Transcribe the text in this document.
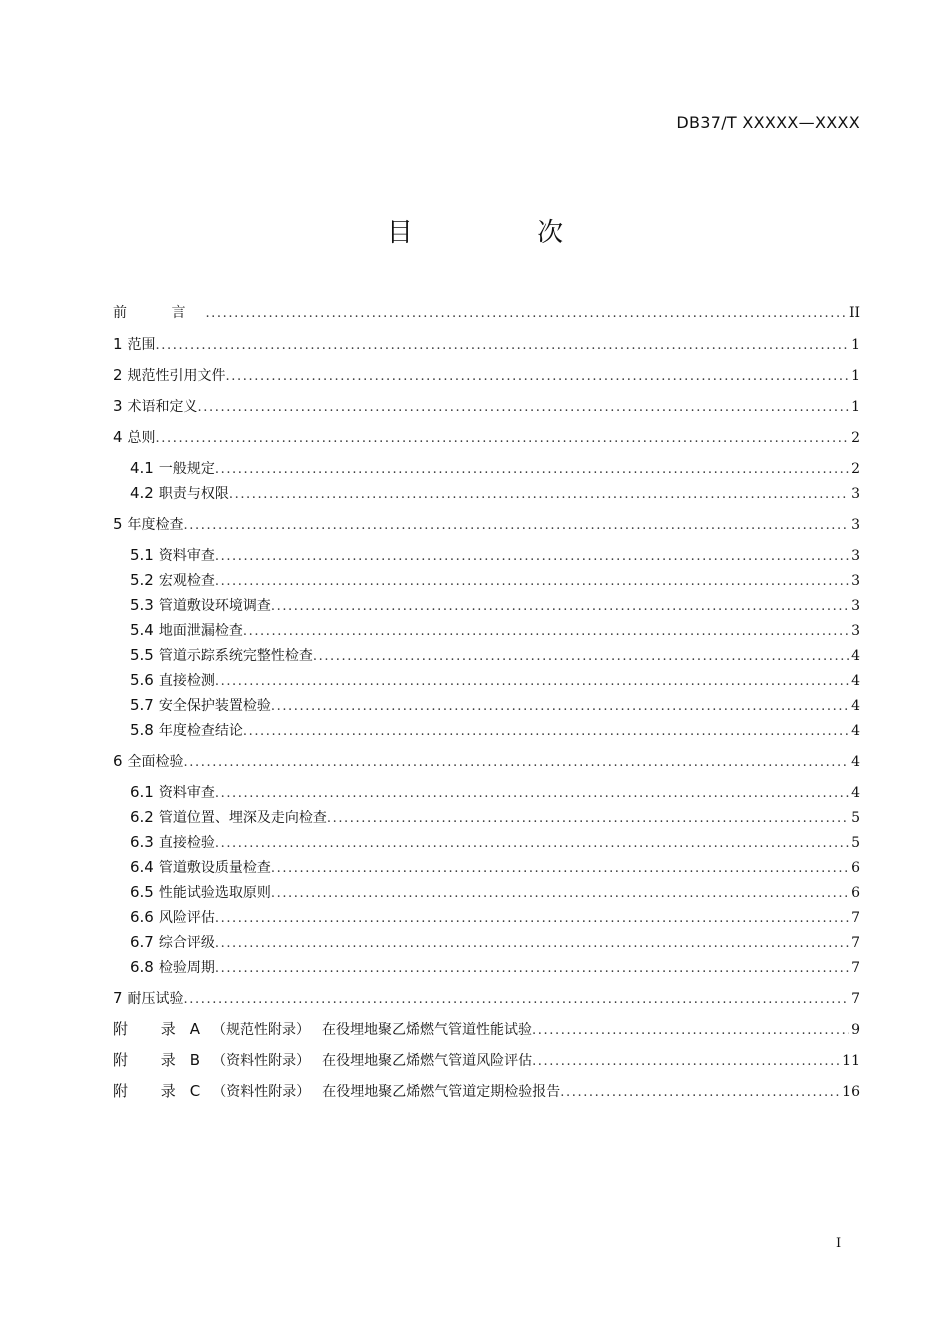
DB37/T XXXXX—XXXX
目 次
前 言 .....	II
1 范围 .....	1
2 规范性引用文件 .....	1
3 术语和定义 .....	1
4 总则 .....	2
4.1 一般规定 .....	2
4.2 职责与权限 .....	3
5 年度检查 .....	3
5.1 资料审查 .....	3
5.2 宏观检查 .....	3
5.3 管道敷设环境调查 .....	3
5.4 地面泄漏检查 .....	3
5.5 管道示踪系统完整性检查 .....	4
5.6 直接检测 .....	4
5.7 安全保护装置检验 .....	4
5.8 年度检查结论 .....	4
6 全面检验 .....	4
6.1 资料审查 .....	4
6.2 管道位置、埋深及走向检查 .....	5
6.3 直接检验 .....	5
6.4 管道敷设质量检查 .....	6
6.5 性能试验选取原则 .....	6
6.6 风险评估 .....	7
6.7 综合评级 .....	7
6.8 检验周期 .....	7
7 耐压试验 .....	7
附 录 A （规范性附录） 在役埋地聚乙烯燃气管道性能试验 .....	9
附 录 B （资料性附录） 在役埋地聚乙烯燃气管道风险评估 .....	11
附 录 C （资料性附录） 在役埋地聚乙烯燃气管道定期检验报告 .....	16
I
